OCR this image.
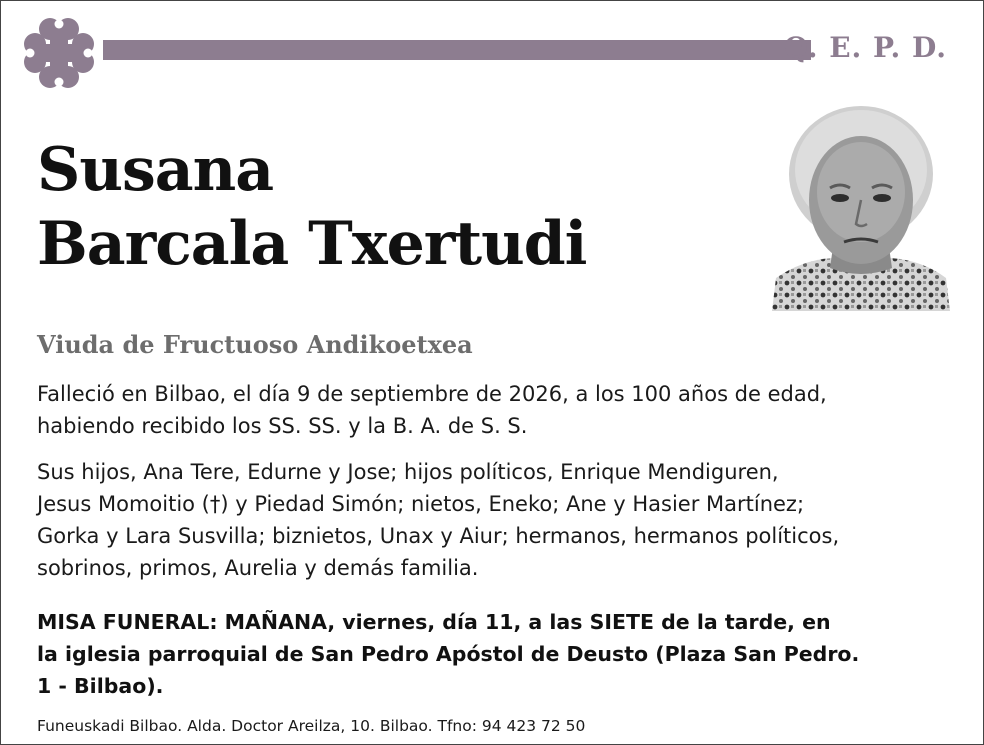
Q. E. P. D.
Susana
Barcala Txertudi
Viuda de Fructuoso Andikoetxea
Falleció en Bilbao, el día 9 de septiembre de 2026, a los 100 años de edad,
habiendo recibido los SS. SS. y la B. A. de S. S.
Sus hijos, Ana Tere, Edurne y Jose; hijos políticos, Enrique Mendiguren,
Jesus Momoitio (†) y Piedad Simón; nietos, Eneko; Ane y Hasier Martínez;
Gorka y Lara Susvilla; biznietos, Unax y Aiur; hermanos, hermanos políticos,
sobrinos, primos, Aurelia y demás familia.
MISA FUNERAL: MAÑANA, viernes, día 11, a las SIETE de la tarde, en
la iglesia parroquial de San Pedro Apóstol de Deusto (Plaza San Pedro.
1 - Bilbao).
Funeuskadi Bilbao. Alda. Doctor Areilza, 10. Bilbao. Tfno: 94 423 72 50
